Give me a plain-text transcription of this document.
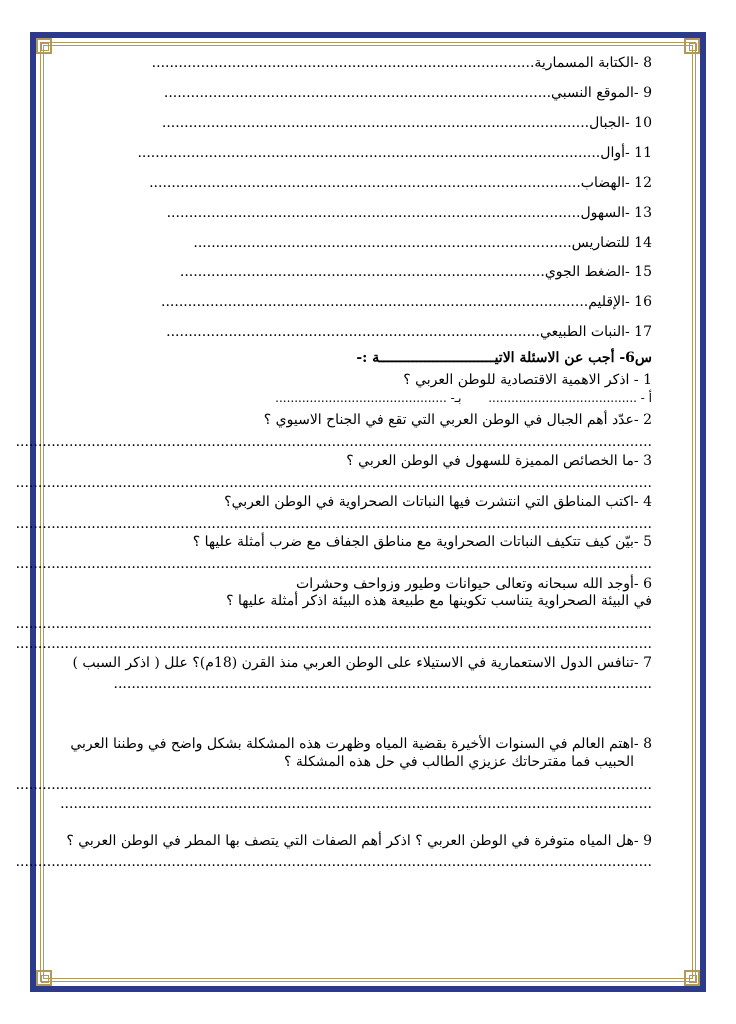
8 -الكتابة المسمارية......................................................................................
9 -الموقع النسبي.......................................................................................
10 -الجبال................................................................................................
11 -أوال........................................................................................................
12 -الهضاب.................................................................................................
13 -السهول.............................................................................................
14 للتضاريس.....................................................................................
15 -الضغط الجوي..................................................................................
16 -الإقليم................................................................................................
17 -النبات الطبيعي....................................................................................
س6- أجب عن الاسئلة الاتيــــــــــــــــــــــــــــة :-
1 - اذكر الاهمية الاقتصادية للوطن العربي ؟
أ - .......................................       بـ- .............................................
2 -عدّد أهم الجبال في الوطن العربي التي تقع في الجناح الاسيوي ؟
...............................................................................................................................................
3 -ما الخصائص المميزة للسهول في الوطن العربي ؟
...............................................................................................................................................
4 -اكتب المناطق التي انتشرت فيها النباتات الصحراوية في الوطن العربي؟
...............................................................................................................................................
5 -بيّن كيف تتكيف النباتات الصحراوية مع مناطق الجفاف مع ضرب أمثلة عليها ؟
...............................................................................................................................................
6 -أوجد الله سبحانه وتعالى حيوانات وطيور وزواحف وحشرات
في البيئة الصحراوية يتناسب تكوينها مع طبيعة هذه البيئة اذكر أمثلة عليها ؟
...............................................................................................................................................
...............................................................................................................................................
7 -تنافس الدول الاستعمارية في الاستيلاء على الوطن العربي منذ القرن (18م)؟ علل ( اذكر السبب )
.........................................................................................................................
8 -اهتم العالم في السنوات الأخيرة بقضية المياه وظهرت هذه المشكلة بشكل واضح في وطننا العربي
الحبيب فما مقترحاتك عزيزي الطالب في حل هذه المشكلة ؟
...............................................................................................................................................
.....................................................................................................................................
9 -هل المياه متوفرة في الوطن العربي ؟ اذكر أهم الصفات التي يتصف بها المطر في الوطن العربي ؟
...............................................................................................................................................
